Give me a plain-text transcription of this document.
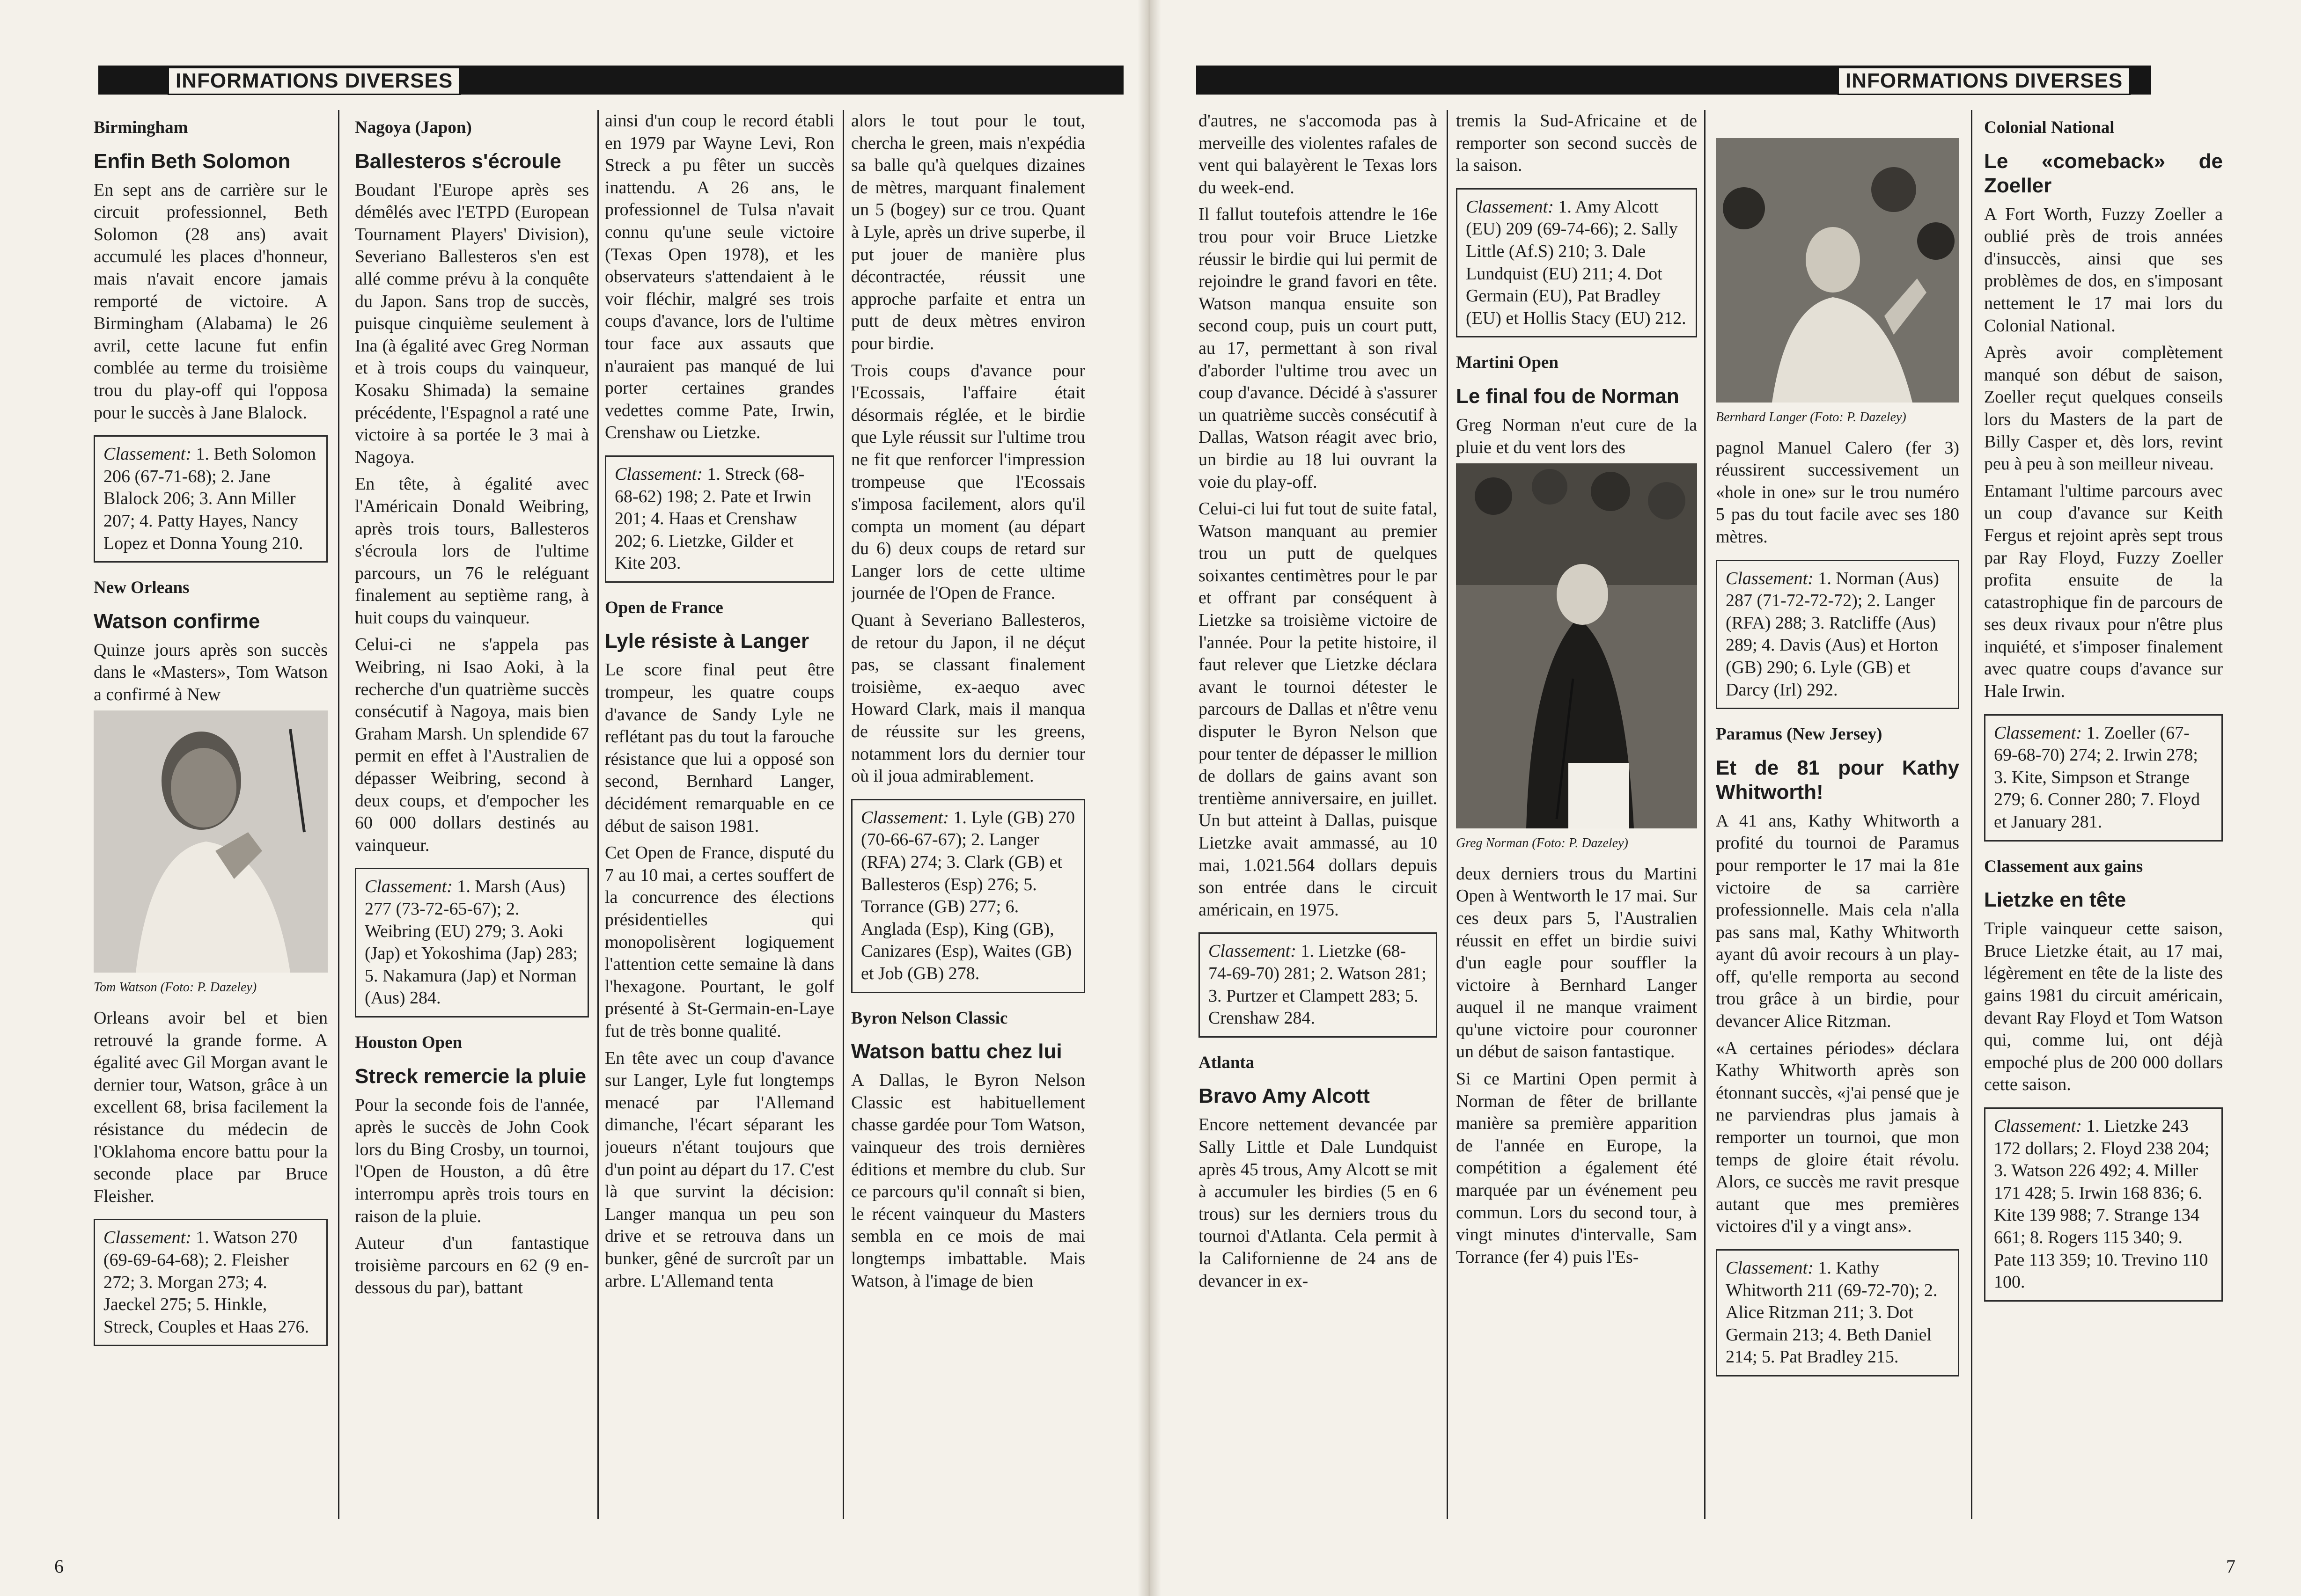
INFORMATIONS DIVERSES	INFORMATIONS DIVERSES
Birmingham
Enfin Beth Solomon

En sept ans de carrière sur le circuit professionnel, Beth Solomon (28 ans) avait accumulé les places d'honneur, mais n'avait encore jamais remporté de victoire. A Birmingham (Alabama) le 26 avril, cette lacune fut enfin comblée au terme du troisième trou du play-off qui l'opposa pour le succès à Jane Blalock.

Classement: 1. Beth Solomon 206 (67-71-68); 2. Jane Blalock 206; 3. Ann Miller 207; 4. Patty Hayes, Nancy Lopez et Donna Young 210.
New Orleans
Watson confirme

Quinze jours après son succès dans le «Masters», Tom Watson a confirmé à New

Tom Watson (Foto: P. Dazeley)

Orleans avoir bel et bien retrouvé la grande forme. A égalité avec Gil Morgan avant le dernier tour, Watson, grâce à un excellent 68, brisa facilement la résistance du médecin de l'Oklahoma encore battu pour la seconde place par Bruce Fleisher.

Classement: 1. Watson 270 (69-69-64-68); 2. Fleisher 272; 3. Morgan 273; 4. Jaeckel 275; 5. Hinkle, Streck, Couples et Haas 276.
Nagoya (Japon)
Ballesteros s'écroule

Boudant l'Europe après ses démêlés avec l'ETPD (European Tournament Players' Division), Severiano Ballesteros s'en est allé comme prévu à la conquête du Japon. Sans trop de succès, puisque cinquième seulement à Ina (à égalité avec Greg Norman et à trois coups du vainqueur, Kosaku Shimada) la semaine précédente, l'Espagnol a raté une victoire à sa portée le 3 mai à Nagoya.

En tête, à égalité avec l'Américain Donald Weibring, après trois tours, Ballesteros s'écroula lors de l'ultime parcours, un 76 le reléguant finalement au septième rang, à huit coups du vainqueur.

Celui-ci ne s'appela pas Weibring, ni Isao Aoki, à la recherche d'un quatrième succès consécutif à Nagoya, mais bien Graham Marsh. Un splendide 67 permit en effet à l'Australien de dépasser Weibring, second à deux coups, et d'empocher les 60 000 dollars destinés au vainqueur.

Classement: 1. Marsh (Aus) 277 (73-72-65-67); 2. Weibring (EU) 279; 3. Aoki (Jap) et Yokoshima (Jap) 283; 5. Nakamura (Jap) et Norman (Aus) 284.
Houston Open
Streck remercie la pluie

Pour la seconde fois de l'année, après le succès de John Cook lors du Bing Crosby, un tournoi, l'Open de Houston, a dû être interrompu après trois tours en raison de la pluie.

Auteur d'un fantastique troisième parcours en 62 (9 en-dessous du par), battant

ainsi d'un coup le record établi en 1979 par Wayne Levi, Ron Streck a pu fêter un succès inattendu. A 26 ans, le professionnel de Tulsa n'avait connu qu'une seule victoire (Texas Open 1978), et les observateurs s'attendaient à le voir fléchir, malgré ses trois coups d'avance, lors de l'ultime tour face aux assauts que n'auraient pas manqué de lui porter certaines grandes vedettes comme Pate, Irwin, Crenshaw ou Lietzke.

Classement: 1. Streck (68-68-62) 198; 2. Pate et Irwin 201; 4. Haas et Crenshaw 202; 6. Lietzke, Gilder et Kite 203.
Open de France
Lyle résiste à Langer

Le score final peut être trompeur, les quatre coups d'avance de Sandy Lyle ne reflétant pas du tout la farouche résistance que lui a opposé son second, Bernhard Langer, décidément remarquable en ce début de saison 1981.

Cet Open de France, disputé du 7 au 10 mai, a certes souffert de la concurrence des élections présidentielles qui monopolisèrent logiquement l'attention cette semaine là dans l'hexagone. Pourtant, le golf présenté à St-Germain-en-Laye fut de très bonne qualité.

En tête avec un coup d'avance sur Langer, Lyle fut longtemps menacé par l'Allemand dimanche, l'écart séparant les joueurs n'étant toujours que d'un point au départ du 17. C'est là que survint la décision: Langer manqua un peu son drive et se retrouva dans un bunker, gêné de surcroît par un arbre. L'Allemand tenta

alors le tout pour le tout, chercha le green, mais n'expédia sa balle qu'à quelques dizaines de mètres, marquant finalement un 5 (bogey) sur ce trou. Quant à Lyle, après un drive superbe, il put jouer de manière plus décontractée, réussit une approche parfaite et entra un putt de deux mètres environ pour birdie.

Trois coups d'avance pour l'Ecossais, l'affaire était désormais réglée, et le birdie que Lyle réussit sur l'ultime trou ne fit que renforcer l'impression trompeuse que l'Ecossais s'imposa facilement, alors qu'il compta un moment (au départ du 6) deux coups de retard sur Langer lors de cette ultime journée de l'Open de France.

Quant à Severiano Ballesteros, de retour du Japon, il ne déçut pas, se classant finalement troisième, ex-aequo avec Howard Clark, mais il manqua de réussite sur les greens, notamment lors du dernier tour où il joua admirablement.

Classement: 1. Lyle (GB) 270 (70-66-67-67); 2. Langer (RFA) 274; 3. Clark (GB) et Ballesteros (Esp) 276; 5. Torrance (GB) 277; 6. Anglada (Esp), King (GB), Canizares (Esp), Waites (GB) et Job (GB) 278.
Byron Nelson Classic
Watson battu chez lui

A Dallas, le Byron Nelson Classic est habituellement chasse gardée pour Tom Watson, vainqueur des trois dernières éditions et membre du club. Sur ce parcours qu'il connaît si bien, le récent vainqueur du Masters sembla en ce mois de mai longtemps imbattable. Mais Watson, à l'image de bien

6

d'autres, ne s'accomoda pas à merveille des violentes rafales de vent qui balayèrent le Texas lors du week-end.

Il fallut toutefois attendre le 16e trou pour voir Bruce Lietzke réussir le birdie qui lui permit de rejoindre le grand favori en tête. Watson manqua ensuite son second coup, puis un court putt, au 17, permettant à son rival d'aborder l'ultime trou avec un coup d'avance. Décidé à s'assurer un quatrième succès consécutif à Dallas, Watson réagit avec brio, un birdie au 18 lui ouvrant la voie du play-off.

Celui-ci lui fut tout de suite fatal, Watson manquant au premier trou un putt de quelques soixantes centimètres pour le par et offrant par conséquent à Lietzke sa troisième victoire de l'année. Pour la petite histoire, il faut relever que Lietzke déclara avant le tournoi détester le parcours de Dallas et n'être venu disputer le Byron Nelson que pour tenter de dépasser le million de dollars de gains avant son trentième anniversaire, en juillet. Un but atteint à Dallas, puisque Lietzke avait ammassé, au 10 mai, 1.021.564 dollars depuis son entrée dans le circuit américain, en 1975.

Classement: 1. Lietzke (68-74-69-70) 281; 2. Watson 281; 3. Purtzer et Clampett 283; 5. Crenshaw 284.
Atlanta
Bravo Amy Alcott

Encore nettement devancée par Sally Little et Dale Lundquist après 45 trous, Amy Alcott se mit à accumuler les birdies (5 en 6 trous) sur les derniers trous du tournoi d'Atlanta. Cela permit à la Californienne de 24 ans de devancer in ex-

tremis la Sud-Africaine et de remporter son second succès de la saison.

Classement: 1. Amy Alcott (EU) 209 (69-74-66); 2. Sally Little (Af.S) 210; 3. Dale Lundquist (EU) 211; 4. Dot Germain (EU), Pat Bradley (EU) et Hollis Stacy (EU) 212.
Martini Open
Le final fou de Norman

Greg Norman n'eut cure de la pluie et du vent lors des

Greg Norman (Foto: P. Dazeley)

deux derniers trous du Martini Open à Wentworth le 17 mai. Sur ces deux pars 5, l'Australien réussit en effet un birdie suivi d'un eagle pour souffler la victoire à Bernhard Langer auquel il ne manque vraiment qu'une victoire pour couronner un début de saison fantastique.

Si ce Martini Open permit à Norman de fêter de brillante manière sa première apparition de l'année en Europe, la compétition a également été marquée par un événement peu commun. Lors du second tour, à vingt minutes d'intervalle, Sam Torrance (fer 4) puis l'Es-

Bernhard Langer (Foto: P. Dazeley)

pagnol Manuel Calero (fer 3) réussirent successivement un «hole in one» sur le trou numéro 5 pas du tout facile avec ses 180 mètres.

Classement: 1. Norman (Aus) 287 (71-72-72-72); 2. Langer (RFA) 288; 3. Ratcliffe (Aus) 289; 4. Davis (Aus) et Horton (GB) 290; 6. Lyle (GB) et Darcy (Irl) 292.
Paramus (New Jersey)
Et de 81 pour Kathy Whitworth!

A 41 ans, Kathy Whitworth a profité du tournoi de Paramus pour remporter le 17 mai la 81e victoire de sa carrière professionnelle. Mais cela n'alla pas sans mal, Kathy Whitworth ayant dû avoir recours à un play-off, qu'elle remporta au second trou grâce à un birdie, pour devancer Alice Ritzman.

«A certaines périodes» déclara Kathy Whitworth après son étonnant succès, «j'ai pensé que je ne parviendras plus jamais à remporter un tournoi, que mon temps de gloire était révolu. Alors, ce succès me ravit presque autant que mes premières victoires d'il y a vingt ans».

Classement: 1. Kathy Whitworth 211 (69-72-70); 2. Alice Ritzman 211; 3. Dot Germain 213; 4. Beth Daniel 214; 5. Pat Bradley 215.
Colonial National
Le «comeback» de Zoeller

A Fort Worth, Fuzzy Zoeller a oublié près de trois années d'insuccès, ainsi que ses problèmes de dos, en s'imposant nettement le 17 mai lors du Colonial National.

Après avoir complètement manqué son début de saison, Zoeller reçut quelques conseils lors du Masters de la part de Billy Casper et, dès lors, revint peu à peu à son meilleur niveau.

Entamant l'ultime parcours avec un coup d'avance sur Keith Fergus et rejoint après sept trous par Ray Floyd, Fuzzy Zoeller profita ensuite de la catastrophique fin de parcours de ses deux rivaux pour n'être plus inquiété, et s'imposer finalement avec quatre coups d'avance sur Hale Irwin.

Classement: 1. Zoeller (67-69-68-70) 274; 2. Irwin 278; 3. Kite, Simpson et Strange 279; 6. Conner 280; 7. Floyd et January 281.
Classement aux gains
Lietzke en tête

Triple vainqueur cette saison, Bruce Lietzke était, au 17 mai, légèrement en tête de la liste des gains 1981 du circuit américain, devant Ray Floyd et Tom Watson qui, comme lui, ont déjà empoché plus de 200 000 dollars cette saison.

Classement: 1. Lietzke 243 172 dollars; 2. Floyd 238 204; 3. Watson 226 492; 4. Miller 171 428; 5. Irwin 168 836; 6. Kite 139 988; 7. Strange 134 661; 8. Rogers 115 340; 9. Pate 113 359; 10. Trevino 110 100.
7
